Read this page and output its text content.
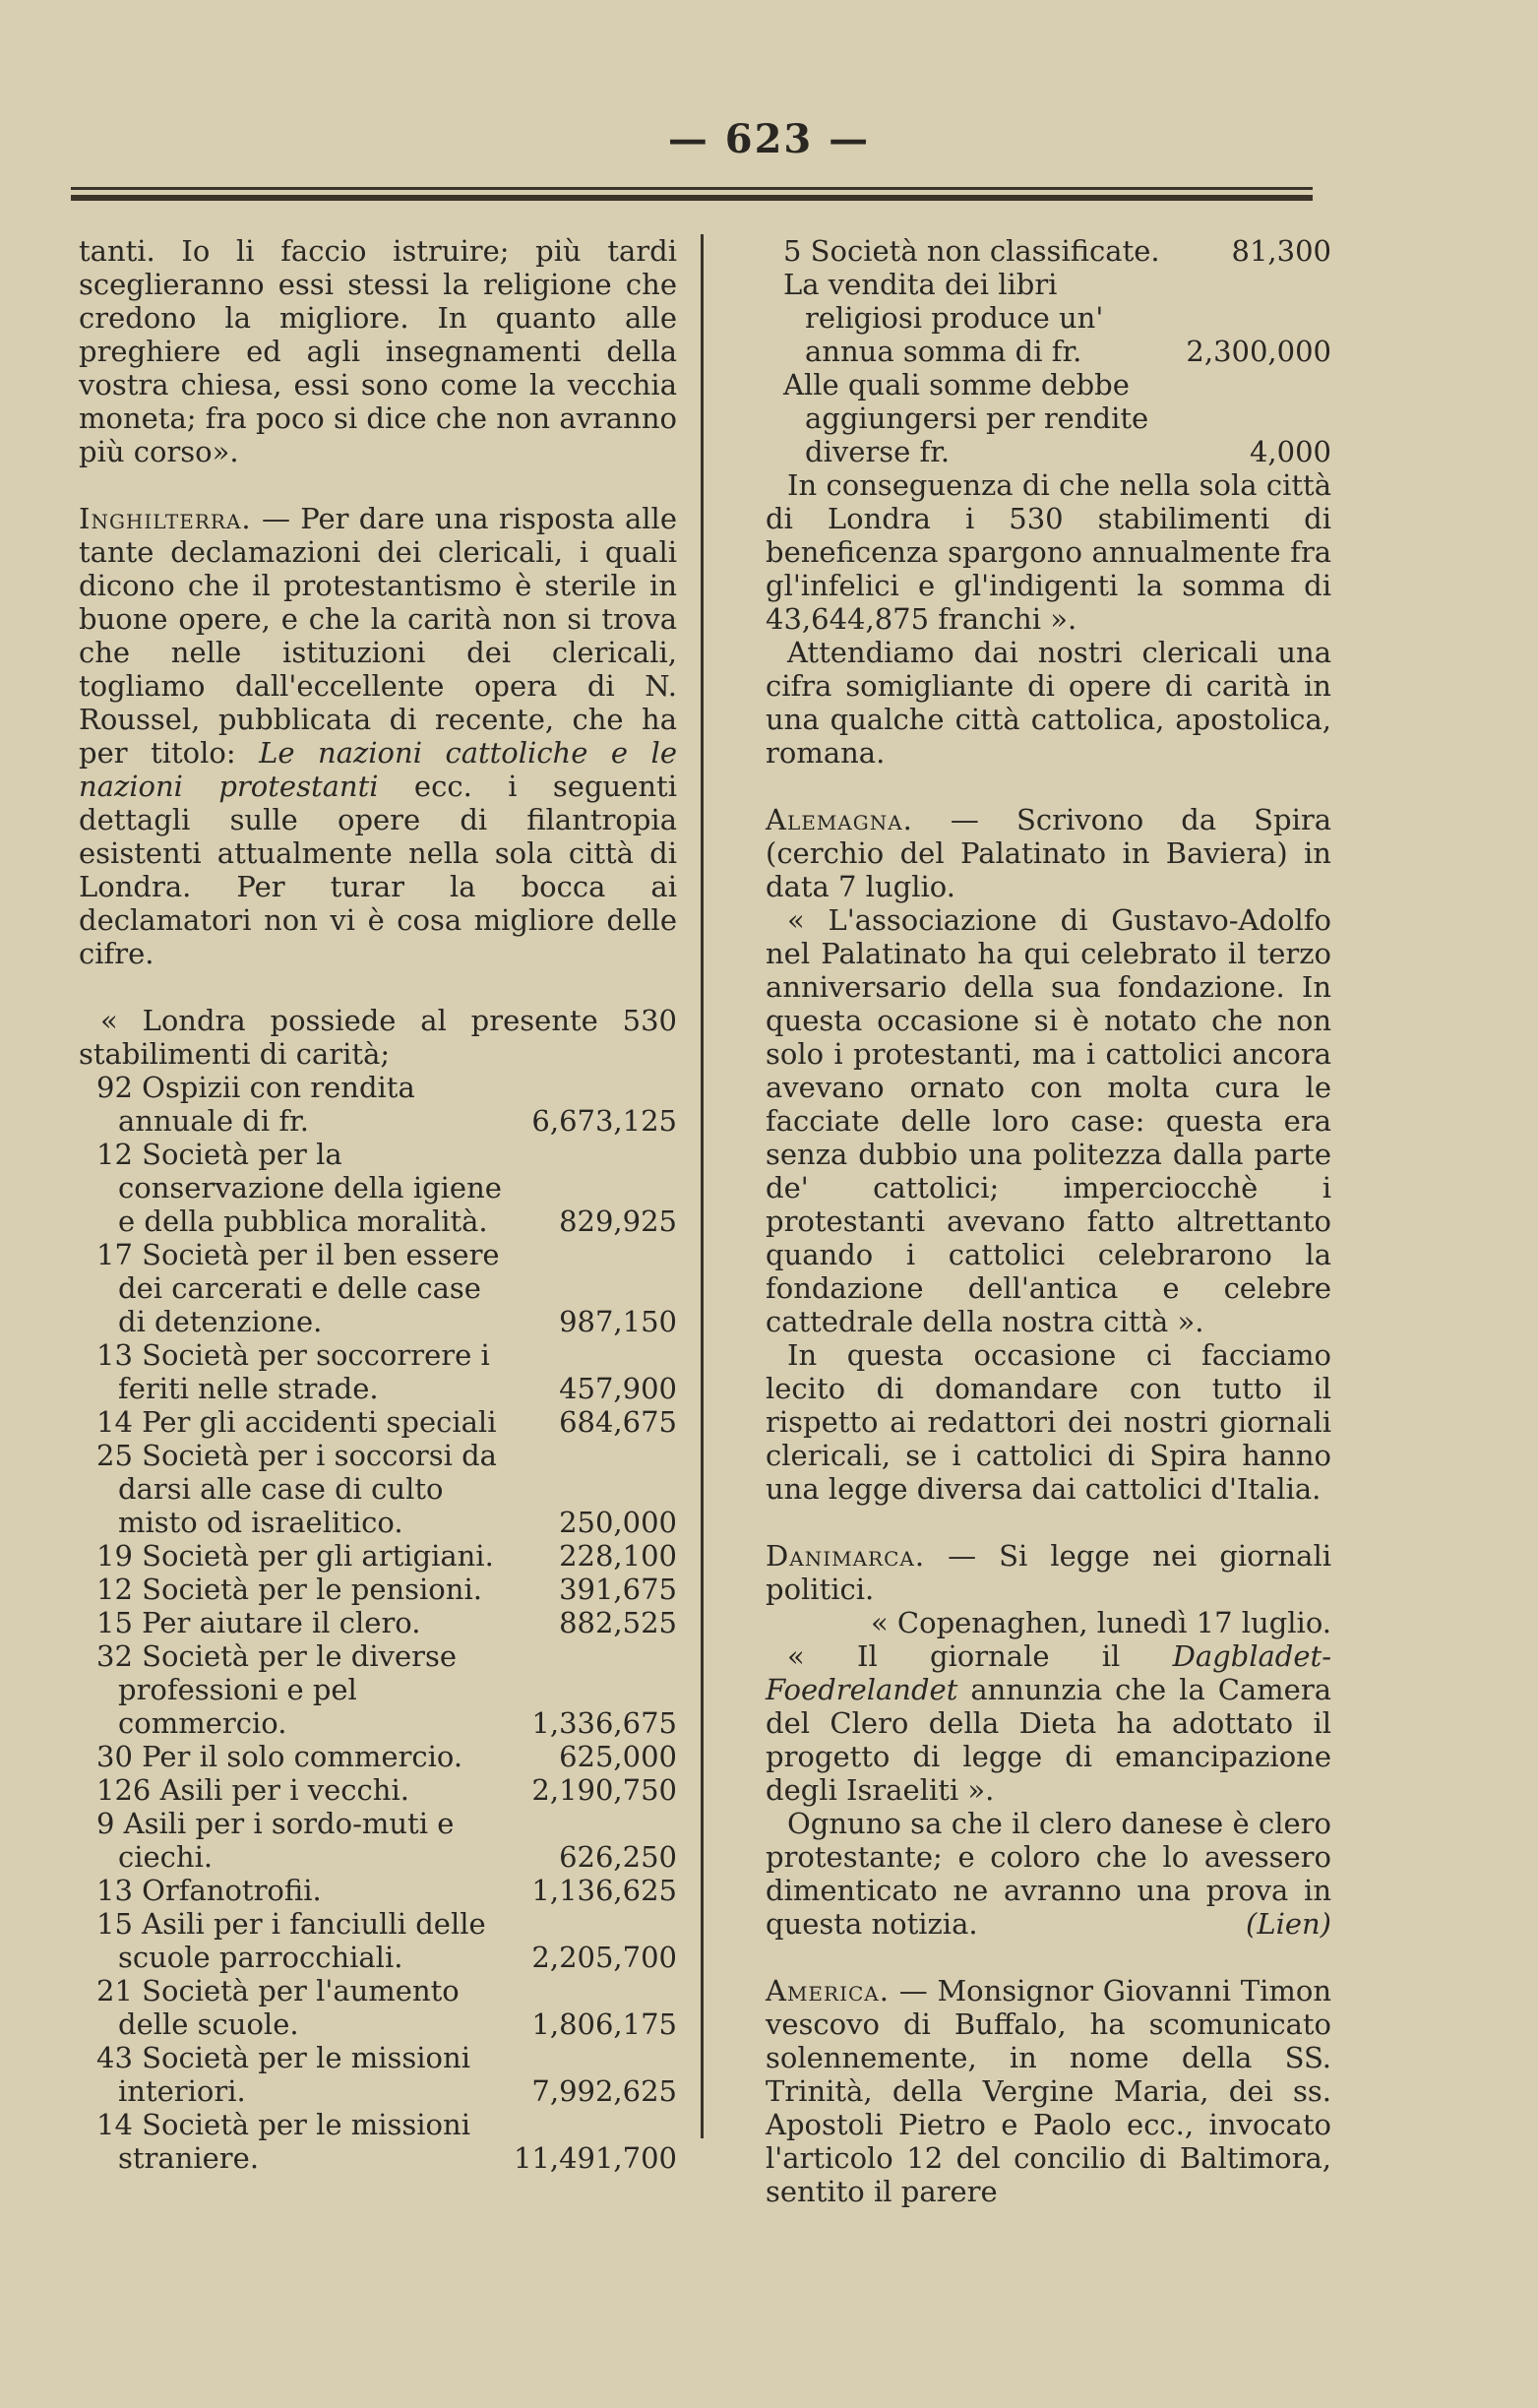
— 623 —

tanti. Io li faccio istruire; più tardi sceglieranno essi stessi la religione che credono la migliore. In quanto alle preghiere ed agli insegnamenti della vostra chiesa, essi sono come la vecchia moneta; fra poco si dice che non avranno più corso».

Inghilterra. — Per dare una risposta alle tante declamazioni dei clericali, i quali dicono che il protestantismo è sterile in buone opere, e che la carità non si trova che nelle istituzioni dei clericali, togliamo dall'eccellente opera di N. Roussel, pubblicata di recente, che ha per titolo: Le nazioni cattoliche e le nazioni protestanti ecc. i seguenti dettagli sulle opere di filantropia esistenti attualmente nella sola città di Londra. Per turar la bocca ai declamatori non vi è cosa migliore delle cifre.

« Londra possiede al presente 530 stabilimenti di carità;

92 Ospizii con rendita annuale di fr.	6,673,125
12 Società per la conservazione della igiene e della pubblica moralità. 829,925
17 Società per il ben essere dei carcerati e delle case di detenzione.	987,150
13 Società per soccorrere i feriti nelle strade.	457,900
14 Per gli accidenti speciali 684,675
25 Società per i soccorsi da darsi alle case di culto misto od israelitico.	250,000
19 Società per gli artigiani. 228,100
12 Società per le pensioni.	391,675
15 Per aiutare il clero.	882,525
32 Società per le diverse professioni e pel commercio.	1,336,675
30 Per il solo commercio.	625,000
126 Asili per i vecchi.	2,190,750
9 Asili per i sordo-muti e ciechi.	626,250
13 Orfanotrofii.	1,136,625
15 Asili per i fanciulli delle scuole parrocchiali.	2,205,700
21 Società per l'aumento delle scuole.	1,806,175
43 Società per le missioni interiori.	7,992,625
14 Società per le missioni straniere.	11,491,700
5 Società non classificate.	81,300
La vendita dei libri religiosi produce un' annua somma di fr.	2,300,000
Alle quali somme debbe aggiungersi per rendite diverse fr.	4,000

In conseguenza di che nella sola città di Londra i 530 stabilimenti di beneficenza spargono annualmente fra gl'infelici e gl'indigenti la somma di 43,644,875 franchi ».

Attendiamo dai nostri clericali una cifra somigliante di opere di carità in una qualche città cattolica, apostolica, romana.

Alemagna. — Scrivono da Spira (cerchio del Palatinato in Baviera) in data 7 luglio.

« L'associazione di Gustavo-Adolfo nel Palatinato ha qui celebrato il terzo anniversario della sua fondazione. In questa occasione si è notato che non solo i protestanti, ma i cattolici ancora avevano ornato con molta cura le facciate delle loro case: questa era senza dubbio una politezza dalla parte de' cattolici; imperciocchè i protestanti avevano fatto altrettanto quando i cattolici celebrarono la fondazione dell'antica e celebre cattedrale della nostra città ».

In questa occasione ci facciamo lecito di domandare con tutto il rispetto ai redattori dei nostri giornali clericali, se i cattolici di Spira hanno una legge diversa dai cattolici d'Italia.

Danimarca. — Si legge nei giornali politici.

« Copenaghen, lunedì 17 luglio.

« Il giornale il Dagbladet-Foedrelandet annunzia che la Camera del Clero della Dieta ha adottato il progetto di legge di emancipazione degli Israeliti ».

Ognuno sa che il clero danese è clero protestante; e coloro che lo avessero dimenticato ne avranno una prova in questa notizia.	(Lien)

America. — Monsignor Giovanni Timon vescovo di Buffalo, ha scomunicato solennemente, in nome della SS. Trinità, della Vergine Maria, dei ss. Apostoli Pietro e Paolo ecc., invocato l'articolo 12 del concilio di Baltimora, sentito il parere
